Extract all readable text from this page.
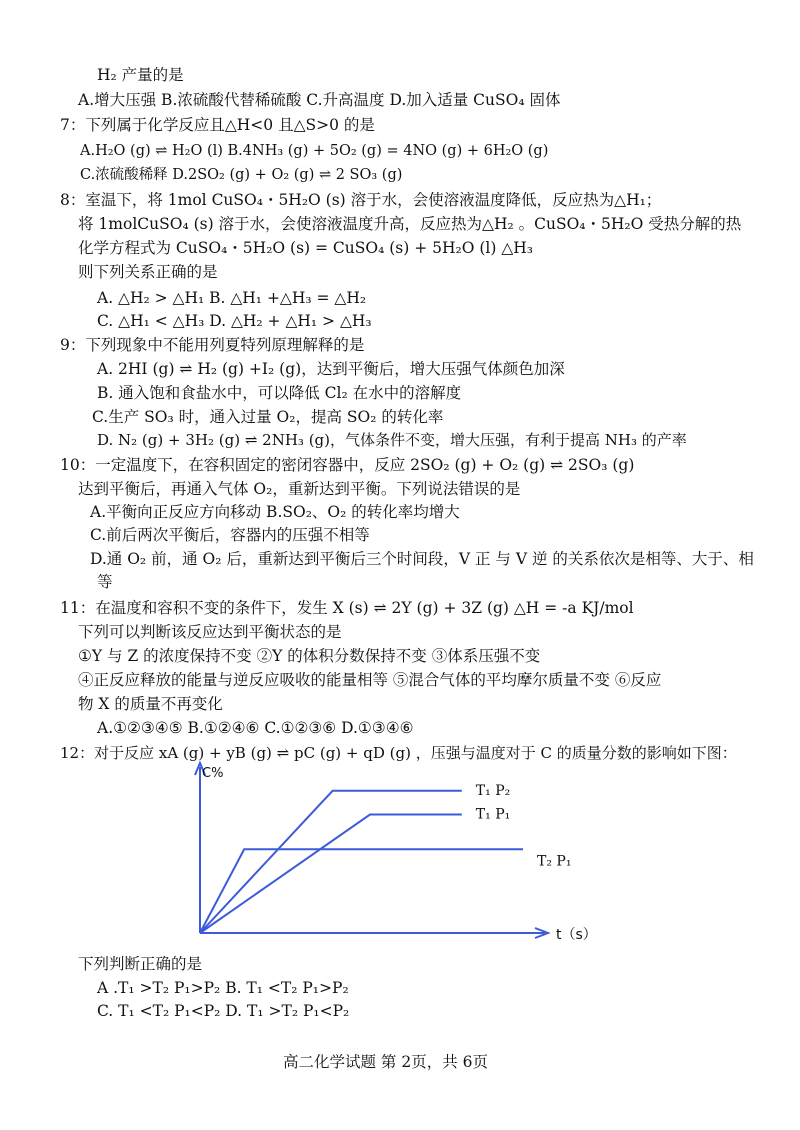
H₂ 产量的是
A.增大压强 B.浓硫酸代替稀硫酸 C.升高温度 D.加入适量 CuSO₄ 固体
7：下列属于化学反应且△H<0 且△S>0 的是
A.H₂O (g) ⇌ H₂O (l) B.4NH₃ (g) + 5O₂ (g) = 4NO (g) + 6H₂O (g)
C.浓硫酸稀释 D.2SO₂ (g) + O₂ (g) ⇌ 2 SO₃ (g)
8：室温下，将 1mol CuSO₄・5H₂O (s) 溶于水，会使溶液温度降低，反应热为△H₁；
将 1molCuSO₄ (s) 溶于水，会使溶液温度升高，反应热为△H₂ 。CuSO₄・5H₂O 受热分解的热
化学方程式为 CuSO₄・5H₂O (s) = CuSO₄ (s) + 5H₂O (l) △H₃
则下列关系正确的是
A. △H₂ > △H₁ B. △H₁ +△H₃ = △H₂
C. △H₁ < △H₃ D. △H₂ + △H₁ > △H₃
9：下列现象中不能用列夏特列原理解释的是
A. 2HI (g) ⇌ H₂ (g) +I₂ (g)，达到平衡后，增大压强气体颜色加深
B. 通入饱和食盐水中，可以降低 Cl₂ 在水中的溶解度
C.生产 SO₃ 时，通入过量 O₂，提高 SO₂ 的转化率
D. N₂ (g) + 3H₂ (g) ⇌ 2NH₃ (g)，气体条件不变，增大压强，有利于提高 NH₃ 的产率
10：一定温度下，在容积固定的密闭容器中，反应 2SO₂ (g) + O₂ (g) ⇌ 2SO₃ (g)
达到平衡后，再通入气体 O₂，重新达到平衡。下列说法错误的是
A.平衡向正反应方向移动 B.SO₂、O₂ 的转化率均增大
C.前后两次平衡后，容器内的压强不相等
D.通 O₂ 前，通 O₂ 后，重新达到平衡后三个时间段，V 正 与 V 逆 的关系依次是相等、大于、相
等
11：在温度和容积不变的条件下，发生 X (s) ⇌ 2Y (g) + 3Z (g) △H = -a KJ/mol
下列可以判断该反应达到平衡状态的是
①Y 与 Z 的浓度保持不变 ②Y 的体积分数保持不变 ③体系压强不变
④正反应释放的能量与逆反应吸收的能量相等 ⑤混合气体的平均摩尔质量不变 ⑥反应
物 X 的质量不再变化
A.①②③④⑤ B.①②④⑥ C.①②③⑥ D.①③④⑥
12：对于反应 xA (g) + yB (g) ⇌ pC (g) + qD (g) ，压强与温度对于 C 的质量分数的影响如下图：
C%
t（s）
T₁ P₂
T₁ P₁
T₂ P₁
下列判断正确的是
A .T₁ >T₂ P₁>P₂ B. T₁ <T₂ P₁>P₂
C. T₁ <T₂ P₁<P₂ D. T₁ >T₂ P₁<P₂
高二化学试题 第 2页，共 6页
